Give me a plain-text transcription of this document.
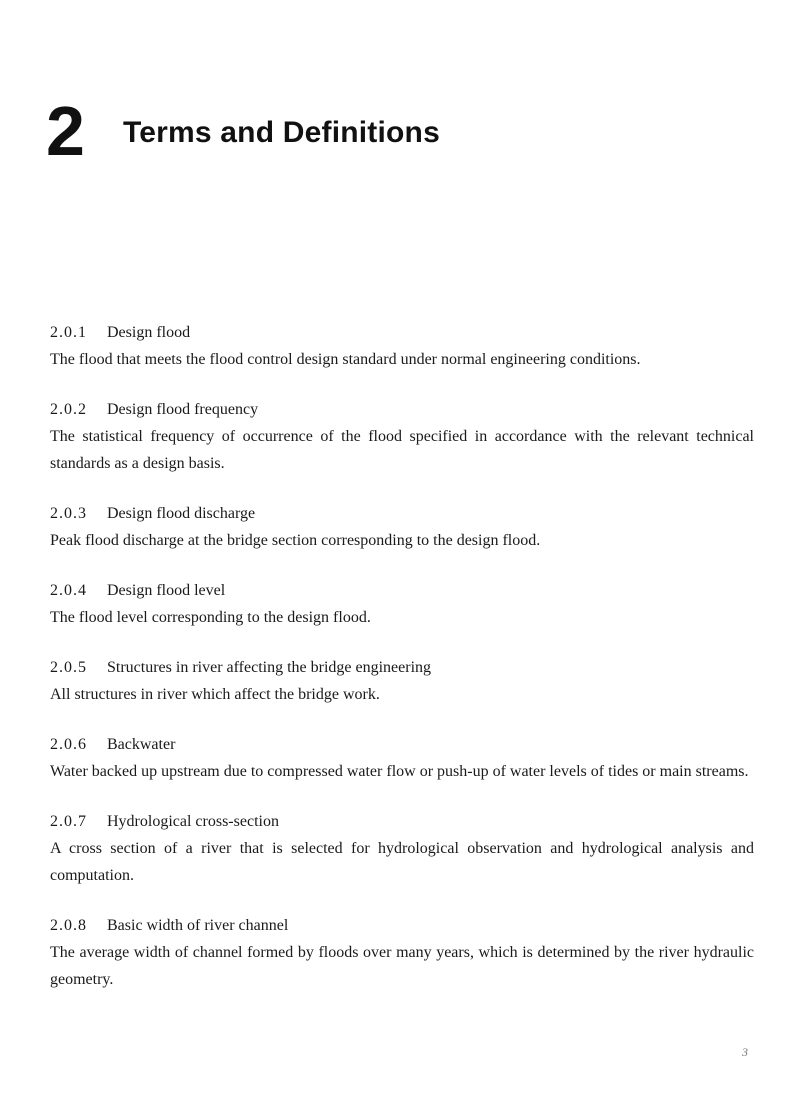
2 Terms and Definitions
2.0.1 Design flood
The flood that meets the flood control design standard under normal engineering conditions.
2.0.2 Design flood frequency
The statistical frequency of occurrence of the flood specified in accordance with the relevant technical standards as a design basis.
2.0.3 Design flood discharge
Peak flood discharge at the bridge section corresponding to the design flood.
2.0.4 Design flood level
The flood level corresponding to the design flood.
2.0.5 Structures in river affecting the bridge engineering
All structures in river which affect the bridge work.
2.0.6 Backwater
Water backed up upstream due to compressed water flow or push-up of water levels of tides or main streams.
2.0.7 Hydrological cross-section
A cross section of a river that is selected for hydrological observation and hydrological analysis and computation.
2.0.8 Basic width of river channel
The average width of channel formed by floods over many years, which is determined by the river hydraulic geometry.
3
